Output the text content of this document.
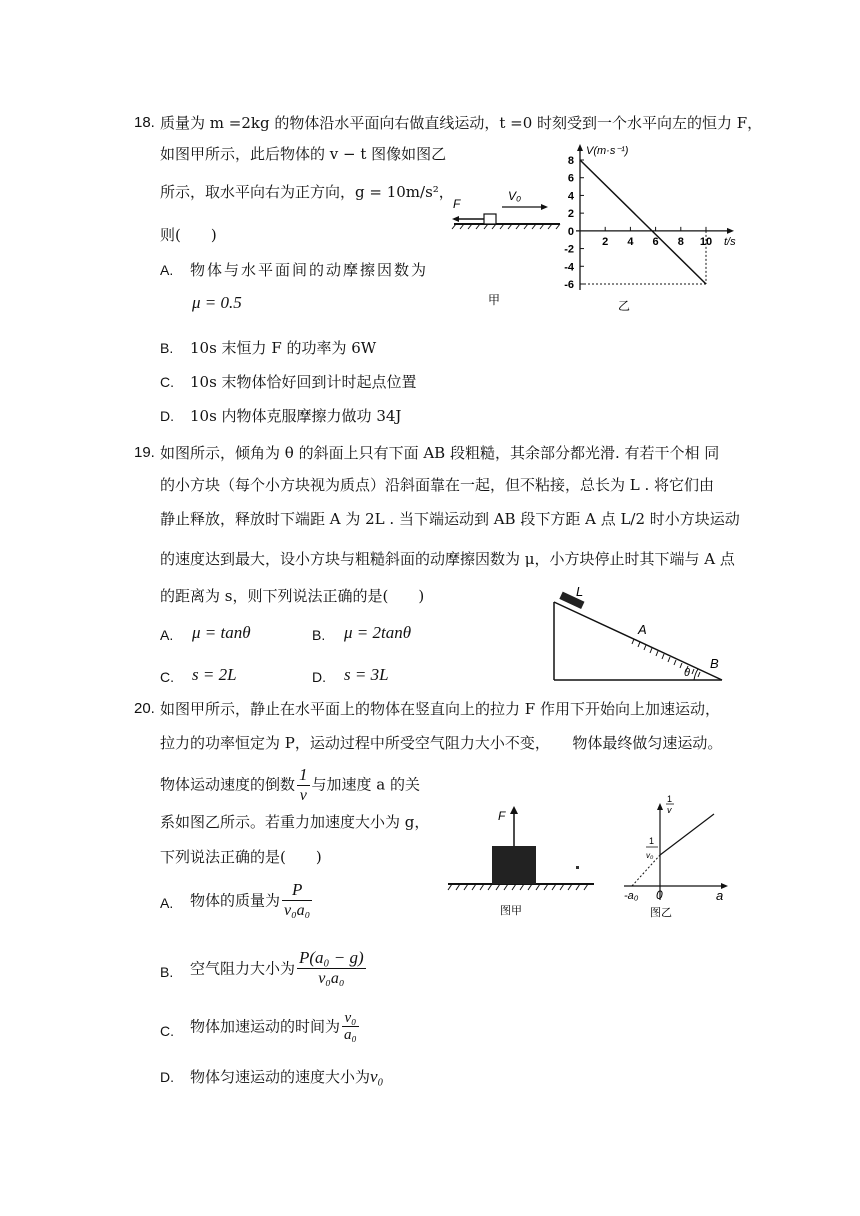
18. 质量为 m =2kg 的物体沿水平面向右做直线运动，t =0 时刻受到一个水平向左的恒力 F，
如图甲所示，此后物体的 v − t 图像如图乙
所示，取水平向右为正方向，g = 10m/s²，
则(　　)
A. 物体与水平面间的动摩擦因数为
μ = 0.5
B. 10s 末恒力 F 的功率为 6W
C. 10s 末物体恰好回到计时起点位置
D. 10s 内物体克服摩擦力做功 34J
F
V₀
甲
8
6
4
2
0
-2
-4
-6
2 4 6 8 10
V(m·s⁻¹)
t/s
乙
19. 如图所示，倾角为 θ 的斜面上只有下面 AB 段粗糙，其余部分都光滑. 有若干个相 同
的小方块（每个小方块视为质点）沿斜面靠在一起，但不粘接，总长为 L . 将它们由
静止释放，释放时下端距 A 为 2L . 当下端运动到 AB 段下方距 A 点 L/2 时小方块运动
的速度达到最大，设小方块与粗糙斜面的动摩擦因数为 μ，小方块停止时其下端与 A 点
的距离为 s，则下列说法正确的是(　　)
A. μ = tanθ	B. μ = 2tanθ
C. s = 2L	D. s = 3L
L
A
B
θ
20. 如图甲所示，静止在水平面上的物体在竖直向上的拉力 F 作用下开始向上加速运动，
拉力的功率恒定为 P，运动过程中所受空气阻力大小不变，　　物体最终做匀速运动。
物体运动速度的倒数 $\frac{1}{v}$ 与加速度 a 的关
系如图乙所示。若重力加速度大小为 g，
下列说法正确的是(　　)
A. 物体的质量为 $\frac{P}{\text{v₀a₀}}$
B. 空气阻力大小为 $\frac{\text{P(a₀ − g)}}{\text{v₀a₀}}$
C. 物体加速运动的时间为 $\frac{\text{v₀}}{\text{a₀}}$
D. 物体匀速运动的速度大小为v₀
F
图甲
1
v
1
v₀
-a₀ 0	a
图乙
